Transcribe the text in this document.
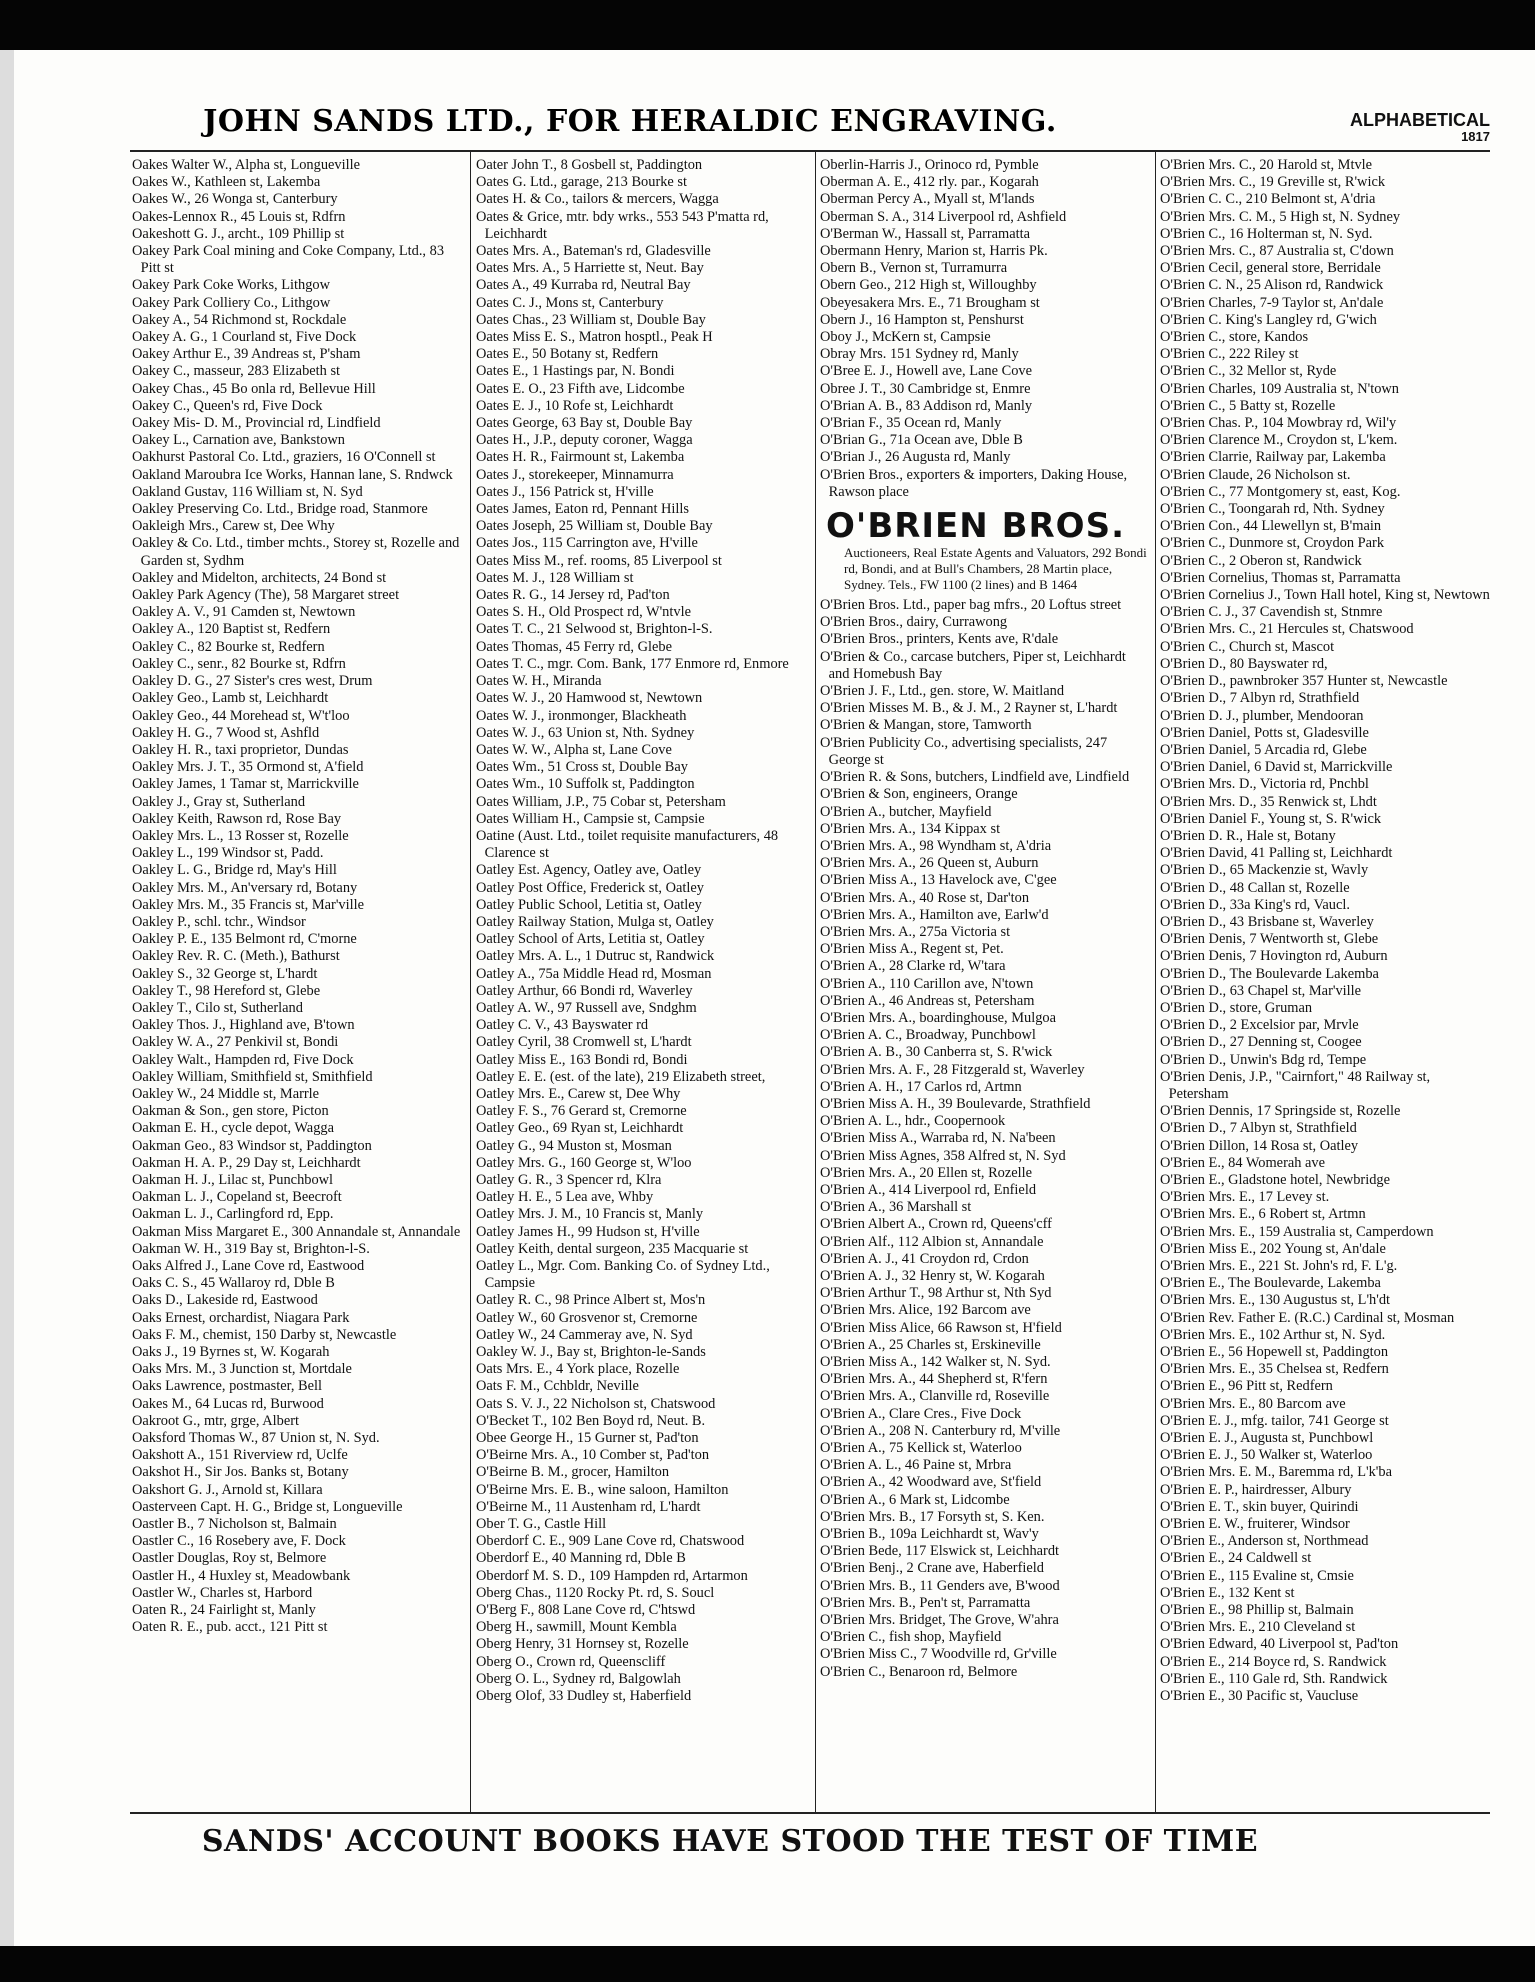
JOHN SANDS LTD., FOR HERALDIC ENGRAVING.	ALPHABETICAL
1817
Oakes Walter W., Alpha st, Longueville
Oakes W., Kathleen st, Lakemba
Oakes W., 26 Wonga st, Canterbury
Oakes-Lennox R., 45 Louis st, Rdfrn
Oakeshott G. J., archt., 109 Phillip st
Oakey Park Coal mining and Coke Company, Ltd., 83 Pitt st
Oakey Park Coke Works, Lithgow
Oakey Park Colliery Co., Lithgow
Oakey A., 54 Richmond st, Rockdale
Oakey A. G., 1 Courland st, Five Dock
Oakey Arthur E., 39 Andreas st, P'sham
Oakey C., masseur, 283 Elizabeth st
Oakey Chas., 45 Bo onla rd, Bellevue Hill
Oakey C., Queen's rd, Five Dock
Oakey Mis- D. M., Provincial rd, Lindfield
Oakey L., Carnation ave, Bankstown
Oakhurst Pastoral Co. Ltd., graziers, 16 O'Connell st
Oakland Maroubra Ice Works, Hannan lane, S. Rndwck
Oakland Gustav, 116 William st, N. Syd
Oakley Preserving Co. Ltd., Bridge road, Stanmore
Oakleigh Mrs., Carew st, Dee Why
Oakley & Co. Ltd., timber mchts., Storey st, Rozelle and Garden st, Sydhm
Oakley and Midelton, architects, 24 Bond st
Oakley Park Agency (The), 58 Margaret street
Oakley A. V., 91 Camden st, Newtown
Oakley A., 120 Baptist st, Redfern
Oakley C., 82 Bourke st, Redfern
Oakley C., senr., 82 Bourke st, Rdfrn
Oakley D. G., 27 Sister's cres west, Drum
Oakley Geo., Lamb st, Leichhardt
Oakley Geo., 44 Morehead st, W't'loo
Oakley H. G., 7 Wood st, Ashfld
Oakley H. R., taxi proprietor, Dundas
Oakley Mrs. J. T., 35 Ormond st, A'field
Oakley James, 1 Tamar st, Marrickville
Oakley J., Gray st, Sutherland
Oakley Keith, Rawson rd, Rose Bay
Oakley Mrs. L., 13 Rosser st, Rozelle
Oakley L., 199 Windsor st, Padd.
Oakley L. G., Bridge rd, May's Hill
Oakley Mrs. M., An'versary rd, Botany
Oakley Mrs. M., 35 Francis st, Mar'ville
Oakley P., schl. tchr., Windsor
Oakley P. E., 135 Belmont rd, C'morne
Oakley Rev. R. C. (Meth.), Bathurst
Oakley S., 32 George st, L'hardt
Oakley T., 98 Hereford st, Glebe
Oakley T., Cilo st, Sutherland
Oakley Thos. J., Highland ave, B'town
Oakley W. A., 27 Penkivil st, Bondi
Oakley Walt., Hampden rd, Five Dock
Oakley William, Smithfield st, Smithfield
Oakley W., 24 Middle st, Marrle
Oakman & Son., gen store, Picton
Oakman E. H., cycle depot, Wagga
Oakman Geo., 83 Windsor st, Paddington
Oakman H. A. P., 29 Day st, Leichhardt
Oakman H. J., Lilac st, Punchbowl
Oakman L. J., Copeland st, Beecroft
Oakman L. J., Carlingford rd, Epp.
Oakman Miss Margaret E., 300 Annandale st, Annandale
Oakman W. H., 319 Bay st, Brighton-l-S.
Oaks Alfred J., Lane Cove rd, Eastwood
Oaks C. S., 45 Wallaroy rd, Dble B
Oaks D., Lakeside rd, Eastwood
Oaks Ernest, orchardist, Niagara Park
Oaks F. M., chemist, 150 Darby st, Newcastle
Oaks J., 19 Byrnes st, W. Kogarah
Oaks Mrs. M., 3 Junction st, Mortdale
Oaks Lawrence, postmaster, Bell
Oakes M., 64 Lucas rd, Burwood
Oakroot G., mtr, grge, Albert
Oaksford Thomas W., 87 Union st, N. Syd.
Oakshott A., 151 Riverview rd, Uclfe
Oakshot H., Sir Jos. Banks st, Botany
Oakshort G. J., Arnold st, Killara
Oasterveen Capt. H. G., Bridge st, Longueville
Oastler B., 7 Nicholson st, Balmain
Oastler C., 16 Rosebery ave, F. Dock
Oastler Douglas, Roy st, Belmore
Oastler H., 4 Huxley st, Meadowbank
Oastler W., Charles st, Harbord
Oaten R., 24 Fairlight st, Manly
Oaten R. E., pub. acct., 121 Pitt st
Oater John T., 8 Gosbell st, Paddington
Oates G. Ltd., garage, 213 Bourke st
Oates H. & Co., tailors & mercers, Wagga
Oates & Grice, mtr. bdy wrks., 553 543 P'matta rd, Leichhardt
Oates Mrs. A., Bateman's rd, Gladesville
Oates Mrs. A., 5 Harriette st, Neut. Bay
Oates A., 49 Kurraba rd, Neutral Bay
Oates C. J., Mons st, Canterbury
Oates Chas., 23 William st, Double Bay
Oates Miss E. S., Matron hosptl., Peak H
Oates E., 50 Botany st, Redfern
Oates E., 1 Hastings par, N. Bondi
Oates E. O., 23 Fifth ave, Lidcombe
Oates E. J., 10 Rofe st, Leichhardt
Oates George, 63 Bay st, Double Bay
Oates H., J.P., deputy coroner, Wagga
Oates H. R., Fairmount st, Lakemba
Oates J., storekeeper, Minnamurra
Oates J., 156 Patrick st, H'ville
Oates James, Eaton rd, Pennant Hills
Oates Joseph, 25 William st, Double Bay
Oates Jos., 115 Carrington ave, H'ville
Oates Miss M., ref. rooms, 85 Liverpool st
Oates M. J., 128 William st
Oates R. G., 14 Jersey rd, Pad'ton
Oates S. H., Old Prospect rd, W'ntvle
Oates T. C., 21 Selwood st, Brighton-l-S.
Oates Thomas, 45 Ferry rd, Glebe
Oates T. C., mgr. Com. Bank, 177 Enmore rd, Enmore
Oates W. H., Miranda
Oates W. J., 20 Hamwood st, Newtown
Oates W. J., ironmonger, Blackheath
Oates W. J., 63 Union st, Nth. Sydney
Oates W. W., Alpha st, Lane Cove
Oates Wm., 51 Cross st, Double Bay
Oates Wm., 10 Suffolk st, Paddington
Oates William, J.P., 75 Cobar st, Petersham
Oates William H., Campsie st, Campsie
Oatine (Aust. Ltd., toilet requisite manufacturers, 48 Clarence st
Oatley Est. Agency, Oatley ave, Oatley
Oatley Post Office, Frederick st, Oatley
Oatley Public School, Letitia st, Oatley
Oatley Railway Station, Mulga st, Oatley
Oatley School of Arts, Letitia st, Oatley
Oatley Mrs. A. L., 1 Dutruc st, Randwick
Oatley A., 75a Middle Head rd, Mosman
Oatley Arthur, 66 Bondi rd, Waverley
Oatley A. W., 97 Russell ave, Sndghm
Oatley C. V., 43 Bayswater rd
Oatley Cyril, 38 Cromwell st, L'hardt
Oatley Miss E., 163 Bondi rd, Bondi
Oatley E. E. (est. of the late), 219 Elizabeth street,
Oatley Mrs. E., Carew st, Dee Why
Oatley F. S., 76 Gerard st, Cremorne
Oatley Geo., 69 Ryan st, Leichhardt
Oatley G., 94 Muston st, Mosman
Oatley Mrs. G., 160 George st, W'loo
Oatley G. R., 3 Spencer rd, Klra
Oatley H. E., 5 Lea ave, Whby
Oatley Mrs. J. M., 10 Francis st, Manly
Oatley James H., 99 Hudson st, H'ville
Oatley Keith, dental surgeon, 235 Macquarie st
Oatley L., Mgr. Com. Banking Co. of Sydney Ltd., Campsie
Oatley R. C., 98 Prince Albert st, Mos'n
Oatley W., 60 Grosvenor st, Cremorne
Oatley W., 24 Cammeray ave, N. Syd
Oakley W. J., Bay st, Brighton-le-Sands
Oats Mrs. E., 4 York place, Rozelle
Oats F. M., Cchbldr, Neville
Oats S. V. J., 22 Nicholson st, Chatswood
O'Becket T., 102 Ben Boyd rd, Neut. B.
Obee George H., 15 Gurner st, Pad'ton
O'Beirne Mrs. A., 10 Comber st, Pad'ton
O'Beirne B. M., grocer, Hamilton
O'Beirne Mrs. E. B., wine saloon, Hamilton
O'Beirne M., 11 Austenham rd, L'hardt
Ober T. G., Castle Hill
Oberdorf C. E., 909 Lane Cove rd, Chatswood
Oberdorf E., 40 Manning rd, Dble B
Oberdorf M. S. D., 109 Hampden rd, Artarmon
Oberg Chas., 1120 Rocky Pt. rd, S. Soucl
O'Berg F., 808 Lane Cove rd, C'htswd
Oberg H., sawmill, Mount Kembla
Oberg Henry, 31 Hornsey st, Rozelle
Oberg O., Crown rd, Queenscliff
Oberg O. L., Sydney rd, Balgowlah
Oberg Olof, 33 Dudley st, Haberfield
Oberlin-Harris J., Orinoco rd, Pymble
Oberman A. E., 412 rly. par., Kogarah
Oberman Percy A., Myall st, M'lands
Oberman S. A., 314 Liverpool rd, Ashfield
O'Berman W., Hassall st, Parramatta
Obermann Henry, Marion st, Harris Pk.
Obern B., Vernon st, Turramurra
Obern Geo., 212 High st, Willoughby
Obeyesakera Mrs. E., 71 Brougham st
Obern J., 16 Hampton st, Penshurst
Oboy J., McKern st, Campsie
Obray Mrs. 151 Sydney rd, Manly
O'Bree E. J., Howell ave, Lane Cove
Obree J. T., 30 Cambridge st, Enmre
O'Brian A. B., 83 Addison rd, Manly
O'Brian F., 35 Ocean rd, Manly
O'Brian G., 71a Ocean ave, Dble B
O'Brian J., 26 Augusta rd, Manly
O'Brien Bros., exporters & importers, Daking House, Rawson place
O'BRIEN BROS.
Auctioneers, Real Estate Agents and Valuators, 292 Bondi rd, Bondi, and at Bull's Chambers, 28 Martin place, Sydney. Tels., FW 1100 (2 lines) and B 1464
O'Brien Bros. Ltd., paper bag mfrs., 20 Loftus street
O'Brien Bros., dairy, Currawong
O'Brien Bros., printers, Kents ave, R'dale
O'Brien & Co., carcase butchers, Piper st, Leichhardt and Homebush Bay
O'Brien J. F., Ltd., gen. store, W. Maitland
O'Brien Misses M. B., & J. M., 2 Rayner st, L'hardt
O'Brien & Mangan, store, Tamworth
O'Brien Publicity Co., advertising specialists, 247 George st
O'Brien R. & Sons, butchers, Lindfield ave, Lindfield
O'Brien & Son, engineers, Orange
O'Brien A., butcher, Mayfield
O'Brien Mrs. A., 134 Kippax st
O'Brien Mrs. A., 98 Wyndham st, A'dria
O'Brien Mrs. A., 26 Queen st, Auburn
O'Brien Miss A., 13 Havelock ave, C'gee
O'Brien Mrs. A., 40 Rose st, Dar'ton
O'Brien Mrs. A., Hamilton ave, Earlw'd
O'Brien Mrs. A., 275a Victoria st
O'Brien Miss A., Regent st, Pet.
O'Brien A., 28 Clarke rd, W'tara
O'Brien A., 110 Carillon ave, N'town
O'Brien A., 46 Andreas st, Petersham
O'Brien Mrs. A., boardinghouse, Mulgoa
O'Brien A. C., Broadway, Punchbowl
O'Brien A. B., 30 Canberra st, S. R'wick
O'Brien Mrs. A. F., 28 Fitzgerald st, Waverley
O'Brien A. H., 17 Carlos rd, Artmn
O'Brien Miss A. H., 39 Boulevarde, Strathfield
O'Brien A. L., hdr., Coopernook
O'Brien Miss A., Warraba rd, N. Na'been
O'Brien Miss Agnes, 358 Alfred st, N. Syd
O'Brien Mrs. A., 20 Ellen st, Rozelle
O'Brien A., 414 Liverpool rd, Enfield
O'Brien A., 36 Marshall st
O'Brien Albert A., Crown rd, Queens'cff
O'Brien Alf., 112 Albion st, Annandale
O'Brien A. J., 41 Croydon rd, Crdon
O'Brien A. J., 32 Henry st, W. Kogarah
O'Brien Arthur T., 98 Arthur st, Nth Syd
O'Brien Mrs. Alice, 192 Barcom ave
O'Brien Miss Alice, 66 Rawson st, H'field
O'Brien A., 25 Charles st, Erskineville
O'Brien Miss A., 142 Walker st, N. Syd.
O'Brien Mrs. A., 44 Shepherd st, R'fern
O'Brien Mrs. A., Clanville rd, Roseville
O'Brien A., Clare Cres., Five Dock
O'Brien A., 208 N. Canterbury rd, M'ville
O'Brien A., 75 Kellick st, Waterloo
O'Brien A. L., 46 Paine st, Mrbra
O'Brien A., 42 Woodward ave, St'field
O'Brien A., 6 Mark st, Lidcombe
O'Brien Mrs. B., 17 Forsyth st, S. Ken.
O'Brien B., 109a Leichhardt st, Wav'y
O'Brien Bede, 117 Elswick st, Leichhardt
O'Brien Benj., 2 Crane ave, Haberfield
O'Brien Mrs. B., 11 Genders ave, B'wood
O'Brien Mrs. B., Pen't st, Parramatta
O'Brien Mrs. Bridget, The Grove, W'ahra
O'Brien C., fish shop, Mayfield
O'Brien Miss C., 7 Woodville rd, Gr'ville
O'Brien C., Benaroon rd, Belmore
O'Brien Mrs. C., 20 Harold st, Mtvle
O'Brien Mrs. C., 19 Greville st, R'wick
O'Brien C. C., 210 Belmont st, A'dria
O'Brien Mrs. C. M., 5 High st, N. Sydney
O'Brien C., 16 Holterman st, N. Syd.
O'Brien Mrs. C., 87 Australia st, C'down
O'Brien Cecil, general store, Berridale
O'Brien C. N., 25 Alison rd, Randwick
O'Brien Charles, 7-9 Taylor st, An'dale
O'Brien C. King's Langley rd, G'wich
O'Brien C., store, Kandos
O'Brien C., 222 Riley st
O'Brien C., 32 Mellor st, Ryde
O'Brien Charles, 109 Australia st, N'town
O'Brien C., 5 Batty st, Rozelle
O'Brien Chas. P., 104 Mowbray rd, Wil'y
O'Brien Clarence M., Croydon st, L'kem.
O'Brien Clarrie, Railway par, Lakemba
O'Brien Claude, 26 Nicholson st.
O'Brien C., 77 Montgomery st, east, Kog.
O'Brien C., Toongarah rd, Nth. Sydney
O'Brien Con., 44 Llewellyn st, B'main
O'Brien C., Dunmore st, Croydon Park
O'Brien C., 2 Oberon st, Randwick
O'Brien Cornelius, Thomas st, Parramatta
O'Brien Cornelius J., Town Hall hotel, King st, Newtown
O'Brien C. J., 37 Cavendish st, Stnmre
O'Brien Mrs. C., 21 Hercules st, Chatswood
O'Brien C., Church st, Mascot
O'Brien D., 80 Bayswater rd,
O'Brien D., pawnbroker 357 Hunter st, Newcastle
O'Brien D., 7 Albyn rd, Strathfield
O'Brien D. J., plumber, Mendooran
O'Brien Daniel, Potts st, Gladesville
O'Brien Daniel, 5 Arcadia rd, Glebe
O'Brien Daniel, 6 David st, Marrickville
O'Brien Mrs. D., Victoria rd, Pnchbl
O'Brien Mrs. D., 35 Renwick st, Lhdt
O'Brien Daniel F., Young st, S. R'wick
O'Brien D. R., Hale st, Botany
O'Brien David, 41 Palling st, Leichhardt
O'Brien D., 65 Mackenzie st, Wavly
O'Brien D., 48 Callan st, Rozelle
O'Brien D., 33a King's rd, Vaucl.
O'Brien D., 43 Brisbane st, Waverley
O'Brien Denis, 7 Wentworth st, Glebe
O'Brien Denis, 7 Hovington rd, Auburn
O'Brien D., The Boulevarde Lakemba
O'Brien D., 63 Chapel st, Mar'ville
O'Brien D., store, Gruman
O'Brien D., 2 Excelsior par, Mrvle
O'Brien D., 27 Denning st, Coogee
O'Brien D., Unwin's Bdg rd, Tempe
O'Brien Denis, J.P., "Cairnfort," 48 Railway st, Petersham
O'Brien Dennis, 17 Springside st, Rozelle
O'Brien D., 7 Albyn st, Strathfield
O'Brien Dillon, 14 Rosa st, Oatley
O'Brien E., 84 Womerah ave
O'Brien E., Gladstone hotel, Newbridge
O'Brien Mrs. E., 17 Levey st.
O'Brien Mrs. E., 6 Robert st, Artmn
O'Brien Mrs. E., 159 Australia st, Camperdown
O'Brien Miss E., 202 Young st, An'dale
O'Brien Mrs. E., 221 St. John's rd, F. L'g.
O'Brien E., The Boulevarde, Lakemba
O'Brien Mrs. E., 130 Augustus st, L'h'dt
O'Brien Rev. Father E. (R.C.) Cardinal st, Mosman
O'Brien Mrs. E., 102 Arthur st, N. Syd.
O'Brien E., 56 Hopewell st, Paddington
O'Brien Mrs. E., 35 Chelsea st, Redfern
O'Brien E., 96 Pitt st, Redfern
O'Brien Mrs. E., 80 Barcom ave
O'Brien E. J., mfg. tailor, 741 George st
O'Brien E. J., Augusta st, Punchbowl
O'Brien E. J., 50 Walker st, Waterloo
O'Brien Mrs. E. M., Baremma rd, L'k'ba
O'Brien E. P., hairdresser, Albury
O'Brien E. T., skin buyer, Quirindi
O'Brien E. W., fruiterer, Windsor
O'Brien E., Anderson st, Northmead
O'Brien E., 24 Caldwell st
O'Brien E., 115 Evaline st, Cmsie
O'Brien E., 132 Kent st
O'Brien E., 98 Phillip st, Balmain
O'Brien Mrs. E., 210 Cleveland st
O'Brien Edward, 40 Liverpool st, Pad'ton
O'Brien E., 214 Boyce rd, S. Randwick
O'Brien E., 110 Gale rd, Sth. Randwick
O'Brien E., 30 Pacific st, Vaucluse
SANDS' ACCOUNT BOOKS HAVE STOOD THE TEST OF TIME
